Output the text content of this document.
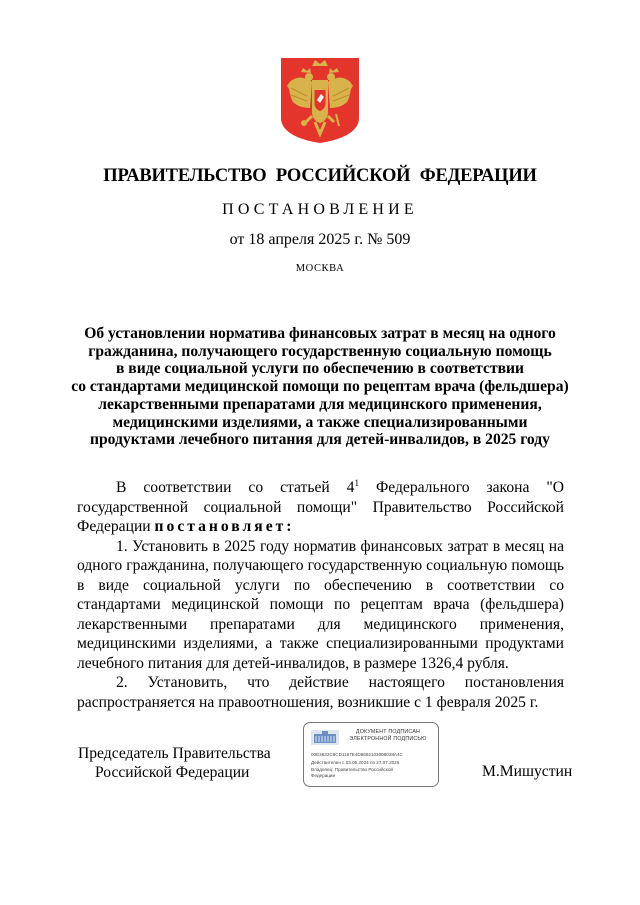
ПРАВИТЕЛЬСТВО РОССИЙСКОЙ ФЕДЕРАЦИИ
ПОСТАНОВЛЕНИЕ
от 18 апреля 2025 г. № 509
МОСКВА
Об установлении норматива финансовых затрат в месяц на одного
гражданина, получающего государственную социальную помощь
в виде социальной услуги по обеспечению в соответствии
со стандартами медицинской помощи по рецептам врача (фельдшера)
лекарственными препаратами для медицинского применения,
медицинскими изделиями, а также специализированными
продуктами лечебного питания для детей-инвалидов, в 2025 году

В соответствии со статьей $4^1$ Федерального закона "О государственной социальной помощи" Правительство Российской Федерации постановляет:

1. Установить в 2025 году норматив финансовых затрат в месяц на одного гражданина, получающего государственную социальную помощь в виде социальной услуги по обеспечению в соответствии со стандартами медицинской помощи по рецептам врача (фельдшера) лекарственными препаратами для медицинского применения, медицинскими изделиями, а также специализированными продуктами лечебного питания для детей-инвалидов, в размере 1326,4 рубля.

2. Установить, что действие настоящего постановления распространяется на правоотношения, возникшие с 1 февраля 2025 г.

Председатель Правительства
Российской Федерации
ДОКУМЕНТ ПОДПИСАН
ЭЛЕКТРОННОЙ ПОДПИСЬЮ
00E3632C6CD1197E4D8692103006028A4C
Действителен с 03.05.2024 по 27.07.2025
Владелец: Правительство Российской
Федерации	М.Мишустин
